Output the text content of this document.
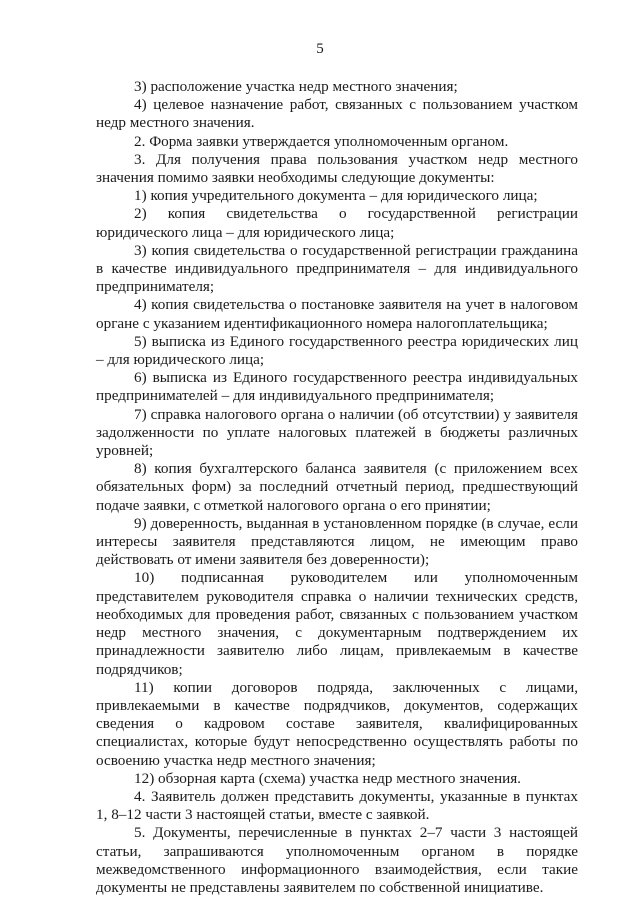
5

3) расположение участка недр местного значения;

4) целевое назначение работ, связанных с пользованием участком недр местного значения.

2. Форма заявки утверждается уполномоченным органом.

3. Для получения права пользования участком недр местного значения помимо заявки необходимы следующие документы:

1) копия учредительного документа – для юридического лица;

2) копия свидетельства о государственной регистрации юридического лица – для юридического лица;

3) копия свидетельства о государственной регистрации гражданина в качестве индивидуального предпринимателя – для индивидуального предпринимателя;

4) копия свидетельства о постановке заявителя на учет в налоговом органе с указанием идентификационного номера налогоплательщика;

5) выписка из Единого государственного реестра юридических лиц – для юридического лица;

6) выписка из Единого государственного реестра индивидуальных предпринимателей – для индивидуального предпринимателя;

7) справка налогового органа о наличии (об отсутствии) у заявителя задолженности по уплате налоговых платежей в бюджеты различных уровней;

8) копия бухгалтерского баланса заявителя (с приложением всех обязательных форм) за последний отчетный период, предшествующий подаче заявки, с отметкой налогового органа о его принятии;

9) доверенность, выданная в установленном порядке (в случае, если интересы заявителя представляются лицом, не имеющим право действовать от имени заявителя без доверенности);

10) подписанная руководителем или уполномоченным представителем руководителя справка о наличии технических средств, необходимых для проведения работ, связанных с пользованием участком недр местного значения, с документарным подтверждением их принадлежности заявителю либо лицам, привлекаемым в качестве подрядчиков;

11) копии договоров подряда, заключенных с лицами, привлекаемыми в качестве подрядчиков, документов, содержащих сведения о кадровом составе заявителя, квалифицированных специалистах, которые будут непосредственно осуществлять работы по освоению участка недр местного значения;

12) обзорная карта (схема) участка недр местного значения.

4. Заявитель должен представить документы, указанные в пунктах 1, 8–12 части 3 настоящей статьи, вместе с заявкой.

5. Документы, перечисленные в пунктах 2–7 части 3 настоящей статьи, запрашиваются уполномоченным органом в порядке межведомственного информационного взаимодействия, если такие документы не представлены заявителем по собственной инициативе.
